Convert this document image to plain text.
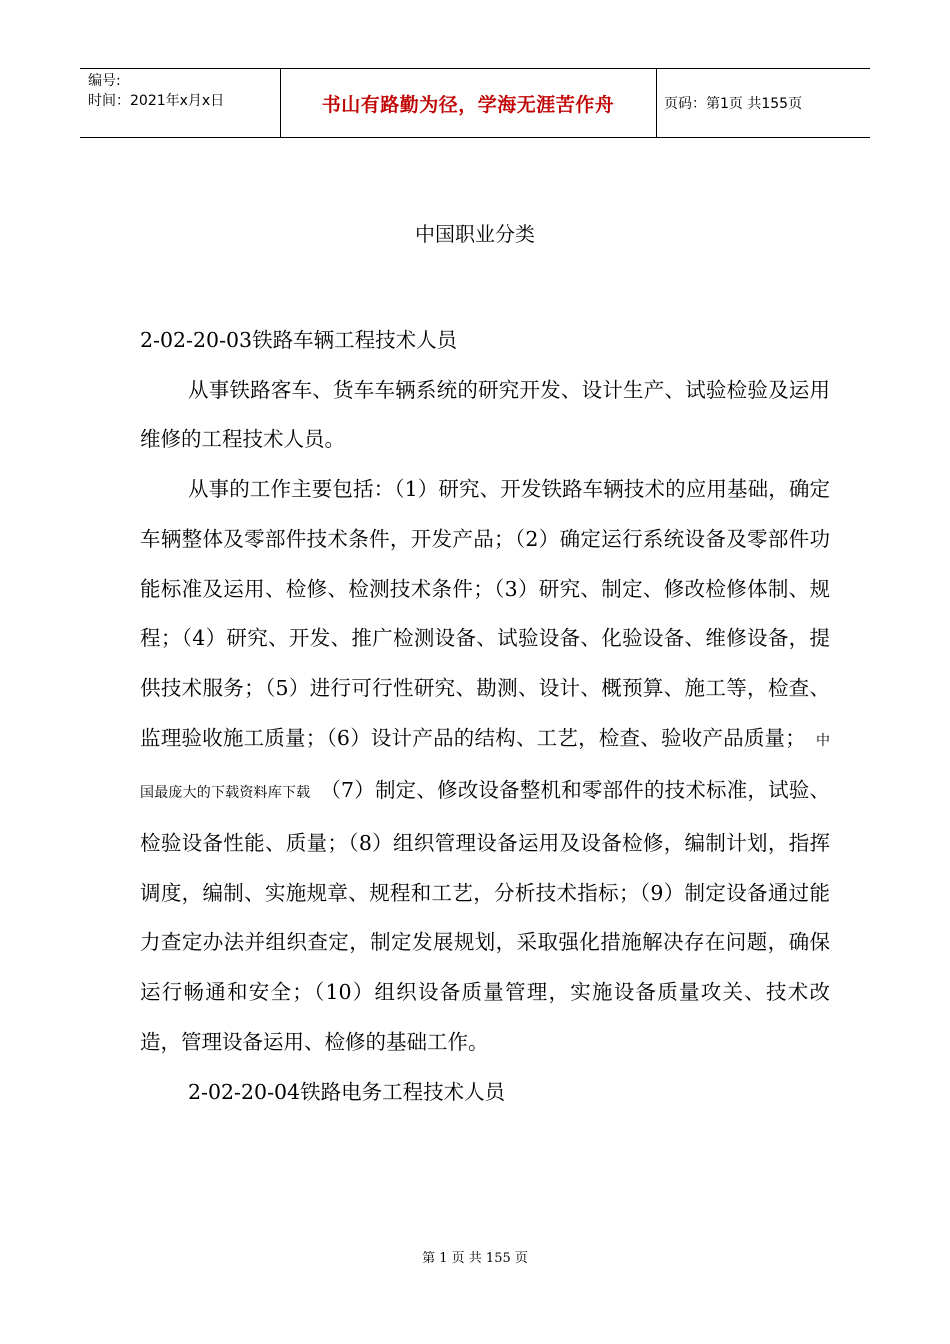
编号:
时间：2021年x月x日	书山有路勤为径，学海无涯苦作舟	页码：第1页 共155页
中国职业分类

2-02-20-03铁路车辆工程技术人员

从事铁路客车、货车车辆系统的研究开发、设计生产、试验检验及运用维修的工程技术人员。

从事的工作主要包括：（1）研究、开发铁路车辆技术的应用基础，确定车辆整体及零部件技术条件，开发产品；（2）确定运行系统设备及零部件功能标准及运用、检修、检测技术条件；（3）研究、制定、修改检修体制、规程；（4）研究、开发、推广检测设备、试验设备、化验设备、维修设备，提供技术服务；（5）进行可行性研究、勘测、设计、概预算、施工等，检查、监理验收施工质量；（6）设计产品的结构、工艺，检查、验收产品质量； 中国最庞大的下载资料库下载 （7）制定、修改设备整机和零部件的技术标准，试验、检验设备性能、质量；（8）组织管理设备运用及设备检修，编制计划，指挥调度，编制、实施规章、规程和工艺，分析技术指标；（9）制定设备通过能力查定办法并组织查定，制定发展规划，采取强化措施解决存在问题，确保运行畅通和安全；（10）组织设备质量管理，实施设备质量攻关、技术改造，管理设备运用、检修的基础工作。

2-02-20-04铁路电务工程技术人员

第 1 页 共 155 页
